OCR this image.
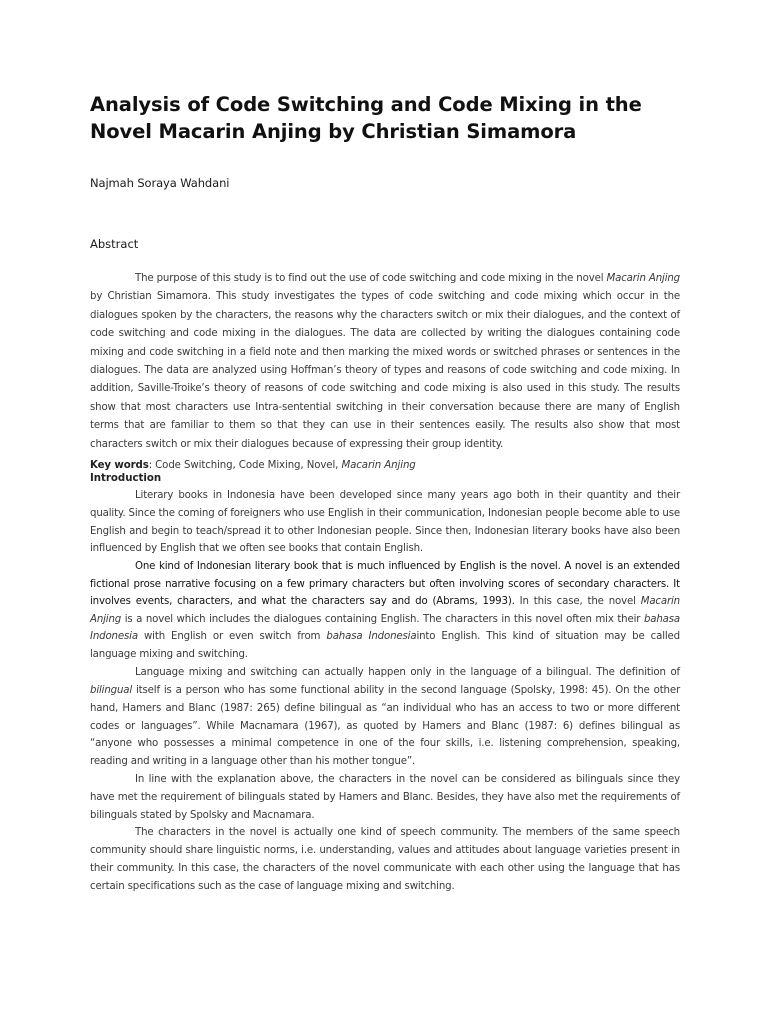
Analysis of Code Switching and Code Mixing in the Novel Macarin Anjing by Christian Simamora

Najmah Soraya Wahdani

Abstract

The purpose of this study is to find out the use of code switching and code mixing in the novel Macarin Anjing by Christian Simamora. This study investigates the types of code switching and code mixing which occur in the dialogues spoken by the characters, the reasons why the characters switch or mix their dialogues, and the context of code switching and code mixing in the dialogues. The data are collected by writing the dialogues containing code mixing and code switching in a field note and then marking the mixed words or switched phrases or sentences in the dialogues. The data are analyzed using Hoffman’s theory of types and reasons of code switching and code mixing. In addition, Saville-Troike’s theory of reasons of code switching and code mixing is also used in this study. The results show that most characters use Intra-sentential switching in their conversation because there are many of English terms that are familiar to them so that they can use in their sentences easily. The results also show that most characters switch or mix their dialogues because of expressing their group identity.

Key words: Code Switching, Code Mixing, Novel, Macarin Anjing

Introduction

Literary books in Indonesia have been developed since many years ago both in their quantity and their quality. Since the coming of foreigners who use English in their communication, Indonesian people become able to use English and begin to teach/spread it to other Indonesian people. Since then, Indonesian literary books have also been influenced by English that we often see books that contain English.

One kind of Indonesian literary book that is much influenced by English is the novel. A novel is an extended fictional prose narrative focusing on a few primary characters but often involving scores of secondary characters. It involves events, characters, and what the characters say and do (Abrams, 1993). In this case, the novel Macarin Anjing is a novel which includes the dialogues containing English. The characters in this novel often mix their bahasa Indonesia with English or even switch from bahasa Indonesiainto English. This kind of situation may be called language mixing and switching.

Language mixing and switching can actually happen only in the language of a bilingual. The definition of bilingual itself is a person who has some functional ability in the second language (Spolsky, 1998: 45). On the other hand, Hamers and Blanc (1987: 265) define bilingual as “an individual who has an access to two or more different codes or languages”. While Macnamara (1967), as quoted by Hamers and Blanc (1987: 6) defines bilingual as “anyone who possesses a minimal competence in one of the four skills, i.e. listening comprehension, speaking, reading and writing in a language other than his mother tongue”.

In line with the explanation above, the characters in the novel can be considered as bilinguals since they have met the requirement of bilinguals stated by Hamers and Blanc. Besides, they have also met the requirements of bilinguals stated by Spolsky and Macnamara.

The characters in the novel is actually one kind of speech community. The members of the same speech community should share linguistic norms, i.e. understanding, values and attitudes about language varieties present in their community. In this case, the characters of the novel communicate with each other using the language that has certain specifications such as the case of language mixing and switching.
